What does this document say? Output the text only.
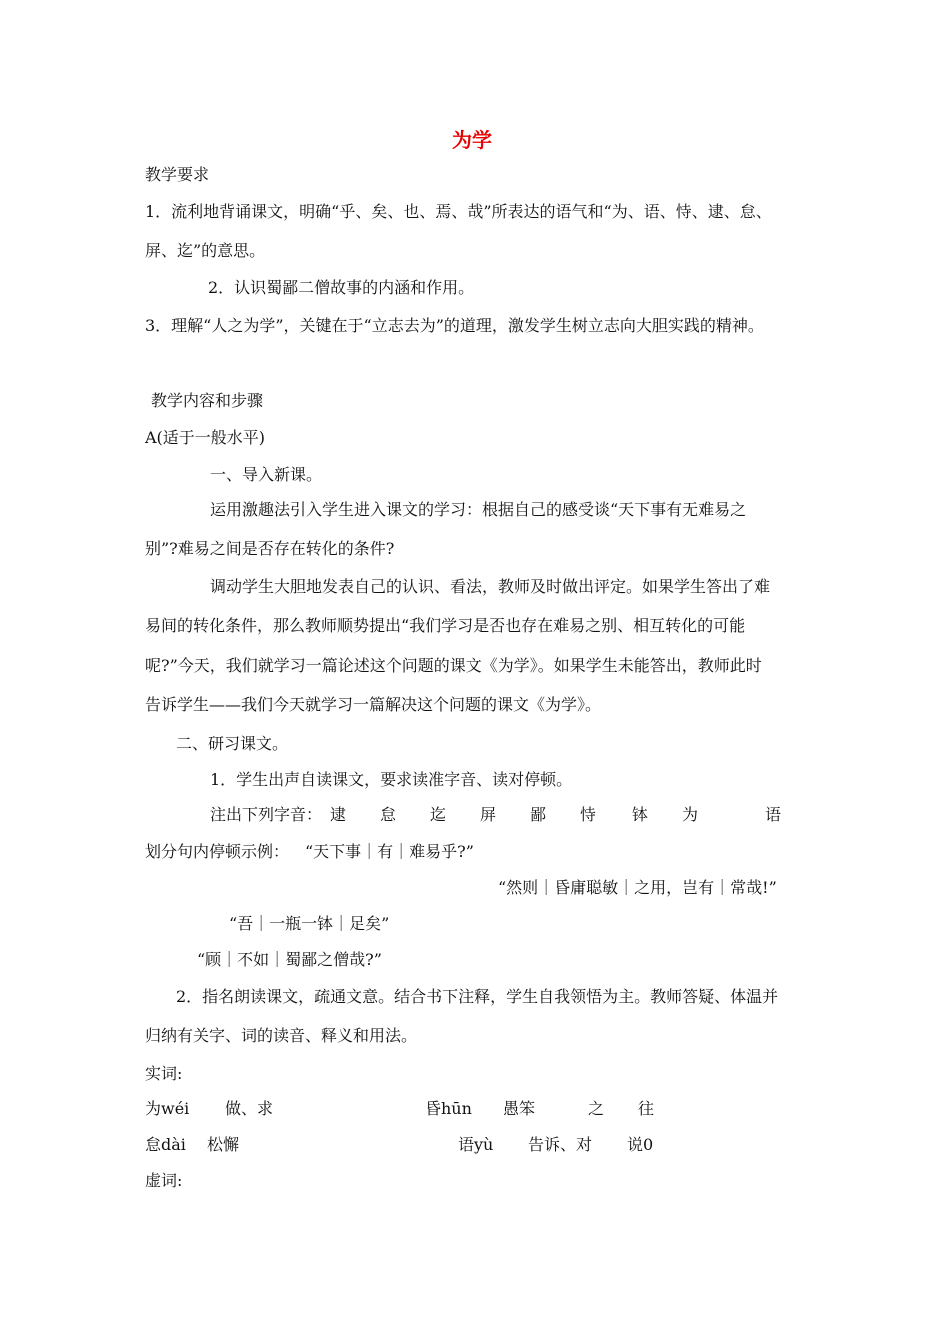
为学
教学要求
1．流利地背诵课文，明确“乎、矣、也、焉、哉”所表达的语气和“为、语、恃、逮、怠、
屏、迄”的意思。
2．认识蜀鄙二僧故事的内涵和作用。
3．理解“人之为学”，关键在于“立志去为”的道理，激发学生树立志向大胆实践的精神。
教学内容和步骤
A(适于一般水平)
一、导入新课。
运用激趣法引入学生进入课文的学习：根据自己的感受谈“天下事有无难易之
别”?难易之间是否存在转化的条件?
调动学生大胆地发表自己的认识、看法，教师及时做出评定。如果学生答出了难
易间的转化条件，那么教师顺势提出“我们学习是否也存在难易之别、相互转化的可能
呢?”今天，我们就学习一篇论述这个问题的课文《为学》。如果学生未能答出，教师此时
告诉学生——我们今天就学习一篇解决这个问题的课文《为学》。
二、研习课文。
1．学生出声自读课文，要求读准字音、读对停顿。
注出下列字音： 逮 怠 迄 屏 鄙 恃 钵 为	语
划分句内停顿示例： “天下事｜有｜难易乎?”
“然则｜昏庸聪敏｜之用，岂有｜常哉!”
“吾｜一瓶一钵｜足矣”
“顾｜不如｜蜀鄙之僧哉?”
2．指名朗读课文，疏通文意。结合书下注释，学生自我领悟为主。教师答疑、体温并
归纳有关字、词的读音、释义和用法。
实词:
为wéi 做、求	昏hūn 愚笨	之 往
怠dài 松懈	语yù 告诉、对 说0
虚词:
